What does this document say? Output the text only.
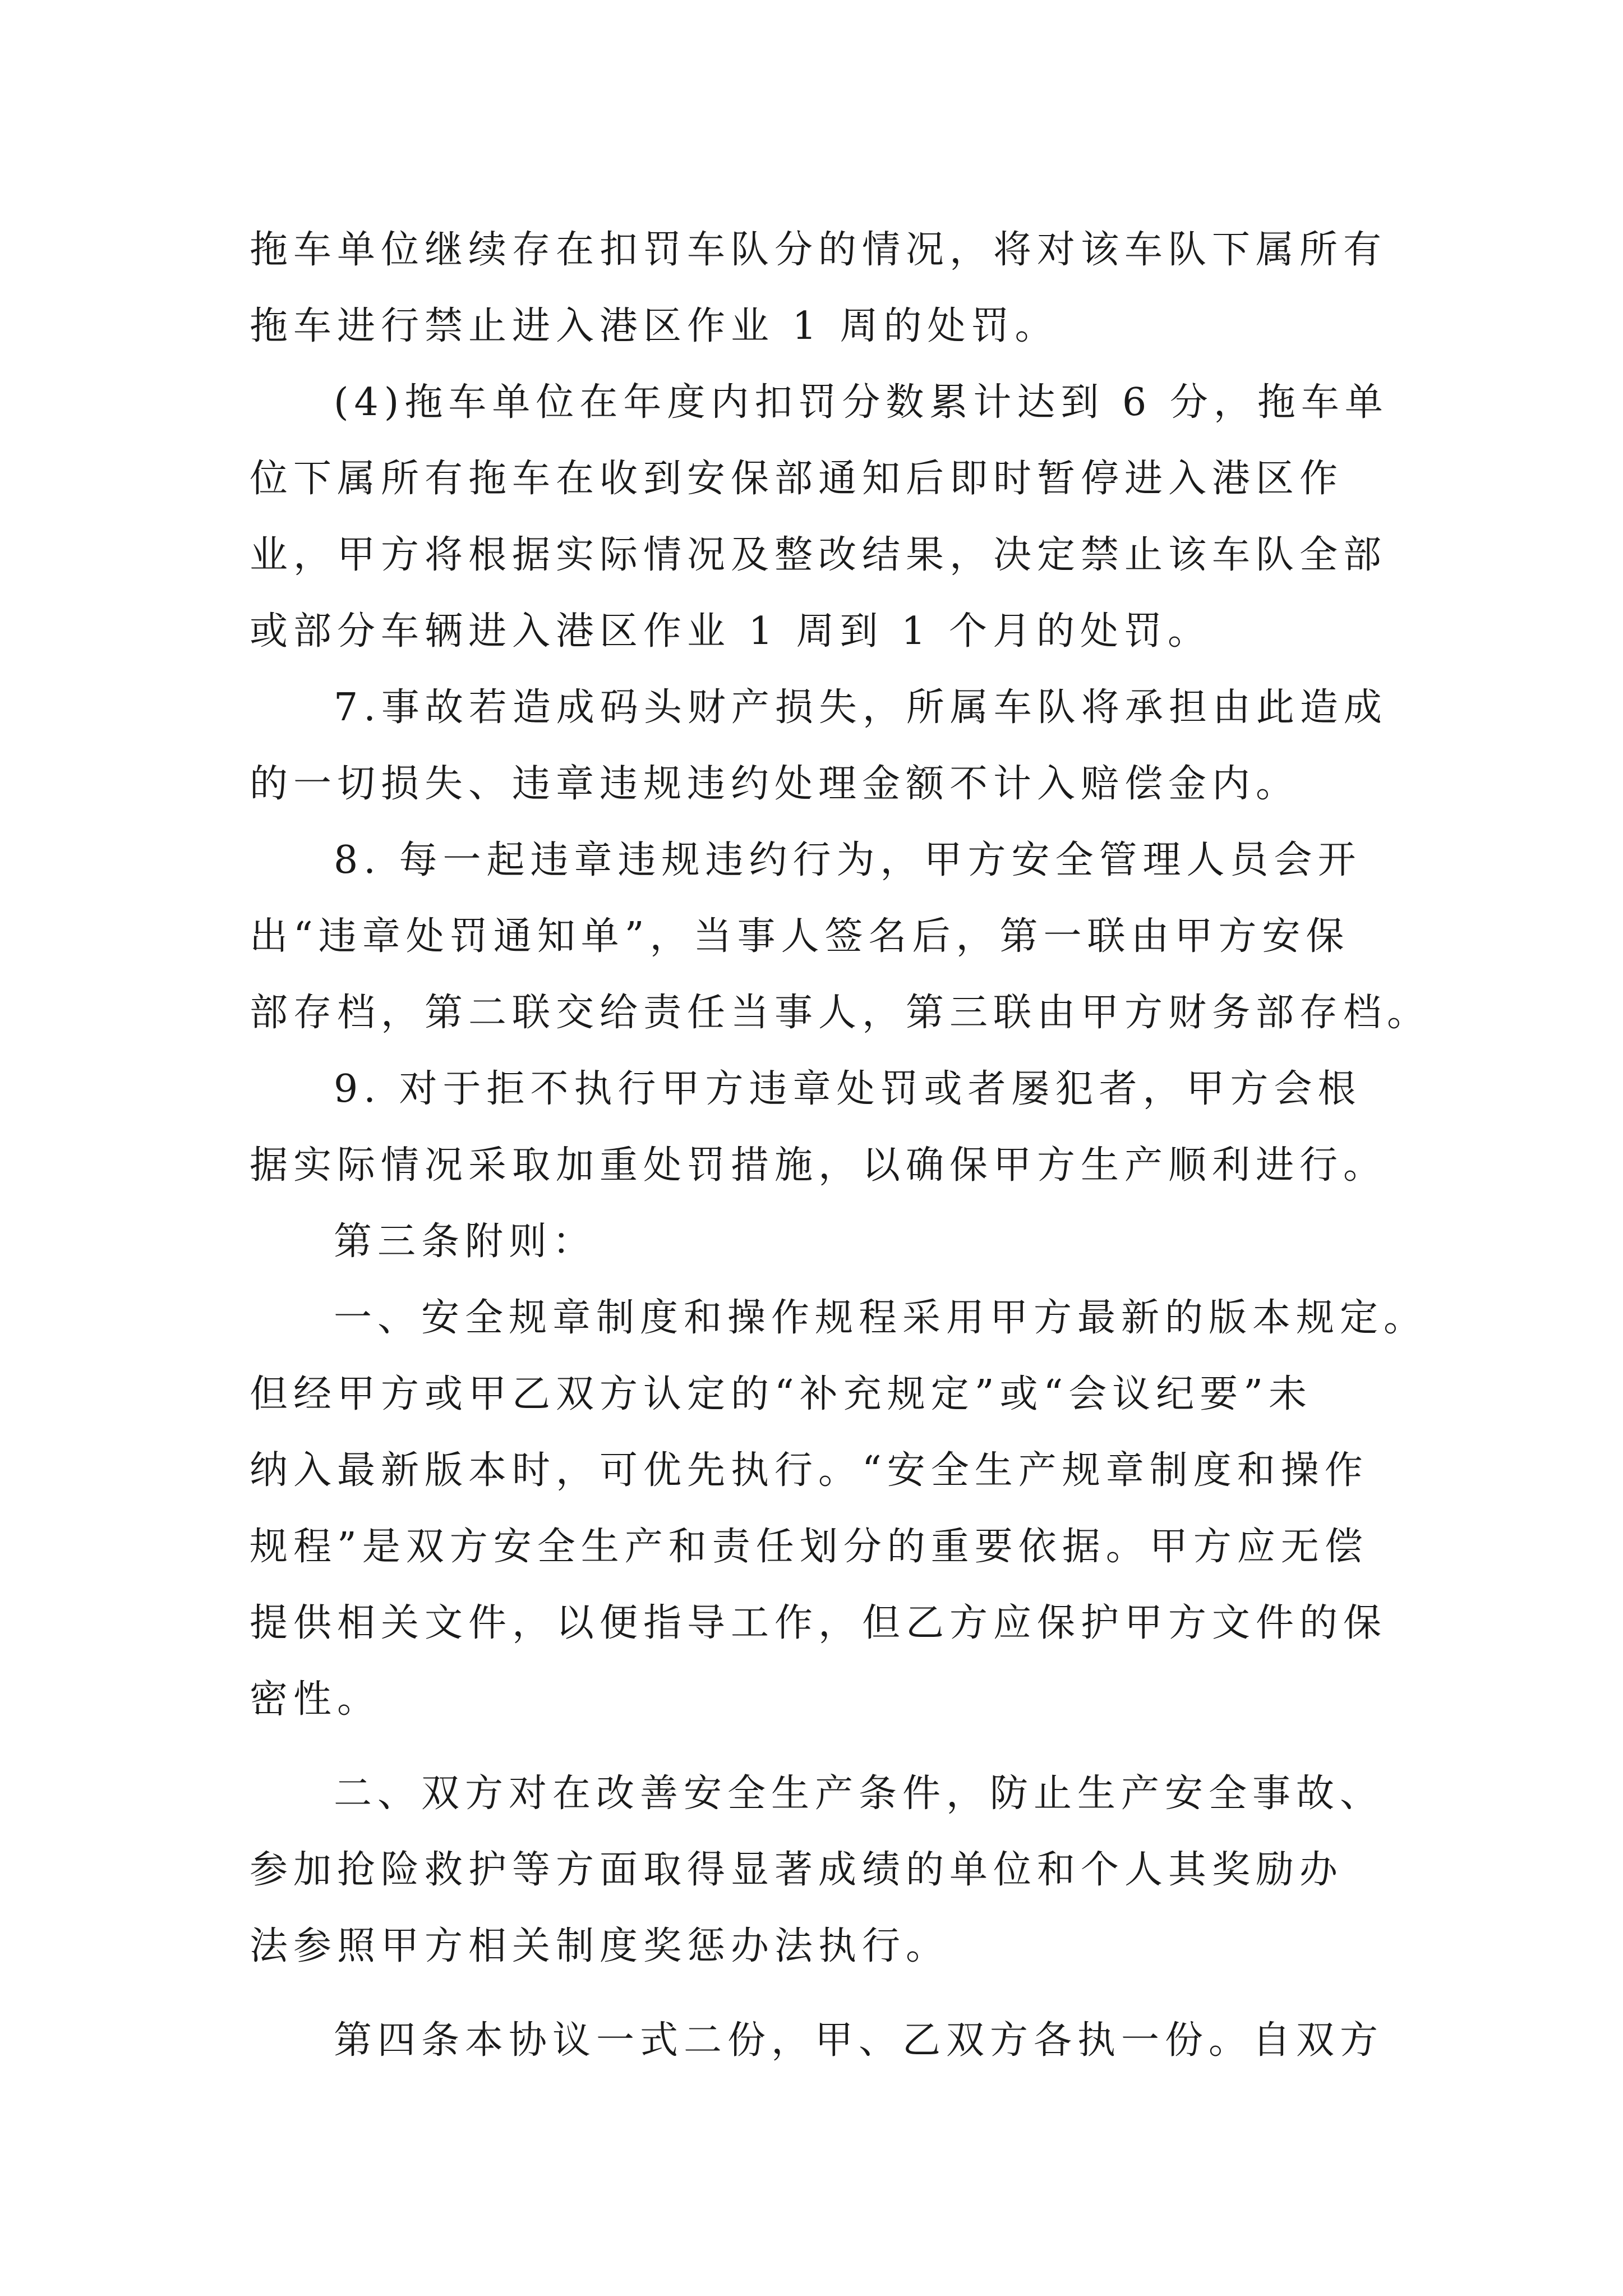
拖车单位继续存在扣罚车队分的情况，将对该车队下属所有
拖车进行禁止进入港区作业 1 周的处罚。
(4)拖车单位在年度内扣罚分数累计达到 6 分，拖车单
位下属所有拖车在收到安保部通知后即时暂停进入港区作
业，甲方将根据实际情况及整改结果，决定禁止该车队全部
或部分车辆进入港区作业 1 周到 1 个月的处罚。
7.事故若造成码头财产损失，所属车队将承担由此造成
的一切损失、违章违规违约处理金额不计入赔偿金内。
8. 每一起违章违规违约行为，甲方安全管理人员会开
出“违章处罚通知单”，当事人签名后，第一联由甲方安保
部存档，第二联交给责任当事人，第三联由甲方财务部存档。
9. 对于拒不执行甲方违章处罚或者屡犯者，甲方会根
据实际情况采取加重处罚措施，以确保甲方生产顺利进行。
第三条附则：
一、安全规章制度和操作规程采用甲方最新的版本规定。
但经甲方或甲乙双方认定的“补充规定”或“会议纪要”未
纳入最新版本时，可优先执行。“安全生产规章制度和操作
规程”是双方安全生产和责任划分的重要依据。甲方应无偿
提供相关文件，以便指导工作，但乙方应保护甲方文件的保
密性。
二、双方对在改善安全生产条件，防止生产安全事故、
参加抢险救护等方面取得显著成绩的单位和个人其奖励办
法参照甲方相关制度奖惩办法执行。
第四条本协议一式二份，甲、乙双方各执一份。自双方
